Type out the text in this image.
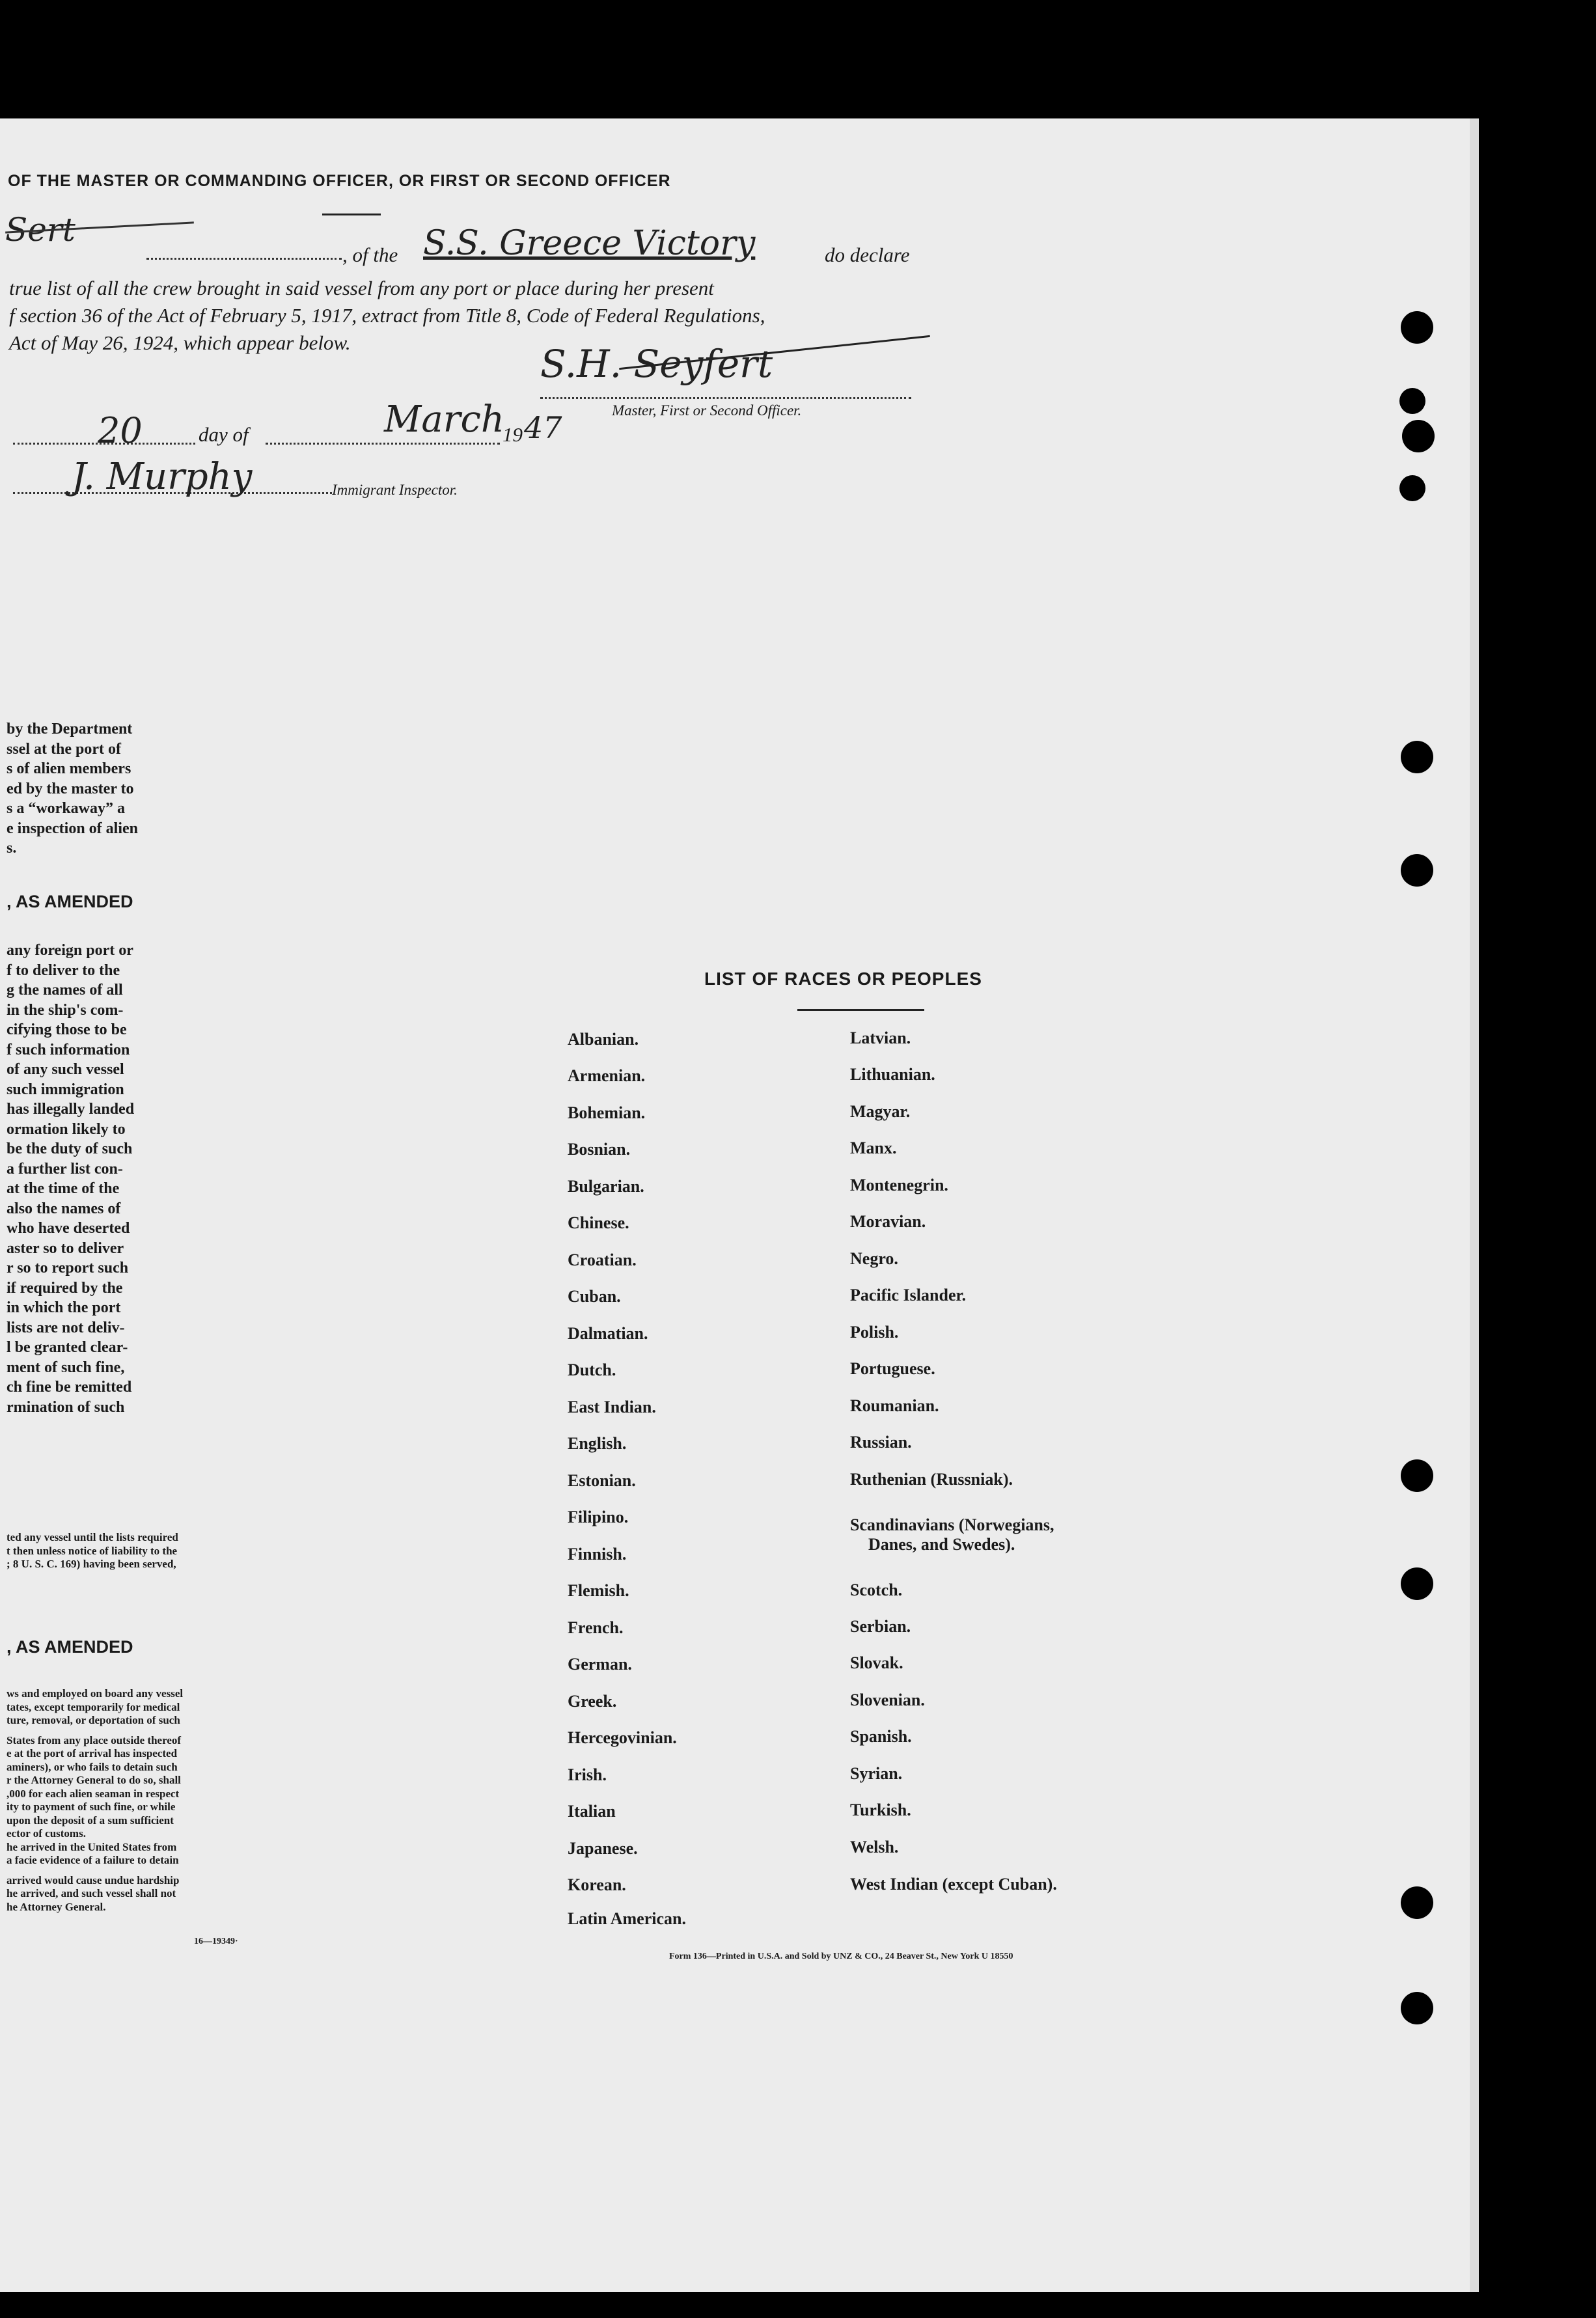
OF THE MASTER OR COMMANDING OFFICER, OR FIRST OR SECOND OFFICER
Sert
, of the S.S. Greece Victory	do declare
true list of all the crew brought in said vessel from any port or place during her present
f section 36 of the Act of February 5, 1917, extract from Title 8, Code of Federal Regulations,
Act of May 26, 1924, which appear below.	S.H. Seyfert
Master, First or Second Officer.
20	day of	March
19 47
J. Murphy	Immigrant Inspector.
by the Department
ssel at the port of
s of alien members
ed by the master to
s a “workaway” a
e inspection of alien
s.
, AS AMENDED
any foreign port or
f to deliver to the
g the names of all
in the ship's com-
cifying those to be
f such information
of any such vessel
such immigration
has illegally landed
ormation likely to
be the duty of such
a further list con-
at the time of the
also the names of
who have deserted
aster so to deliver
r so to report such
if required by the
in which the port
lists are not deliv-
l be granted clear-
ment of such fine,
ch fine be remitted
rmination of such
ted any vessel until the lists required
t then unless notice of liability to the
; 8 U. S. C. 169) having been served,
, AS AMENDED
ws and employed on board any vessel
tates, except temporarily for medical
ture, removal, or deportation of such
States from any place outside thereof
e at the port of arrival has inspected
aminers), or who fails to detain such
r the Attorney General to do so, shall
,000 for each alien seaman in respect
ity to payment of such fine, or while
upon the deposit of a sum sufficient
ector of customs.
he arrived in the United States from
a facie evidence of a failure to detain
arrived would cause undue hardship
he arrived, and such vessel shall not
he Attorney General.
16—19349·
LIST OF RACES OR PEOPLES
Albanian.
Armenian.
Bohemian.
Bosnian.
Bulgarian.
Chinese.
Croatian.
Cuban.
Dalmatian.
Dutch.
East Indian.
English.
Estonian.
Filipino.
Finnish.
Flemish.
French.
German.
Greek.
Hercegovinian.
Irish.
Italian
Japanese.
Korean.
Latin American.
Latvian.
Lithuanian.
Magyar.
Manx.
Montenegrin.
Moravian.
Negro.
Pacific Islander.
Polish.
Portuguese.
Roumanian.
Russian.
Ruthenian (Russniak).
Scandinavians (Norwegians,
Danes, and Swedes).
Scotch.
Serbian.
Slovak.
Slovenian.
Spanish.
Syrian.
Turkish.
Welsh.
West Indian (except Cuban).
Form 136—Printed in U.S.A. and Sold by UNZ & CO., 24 Beaver St., New York U 18550
